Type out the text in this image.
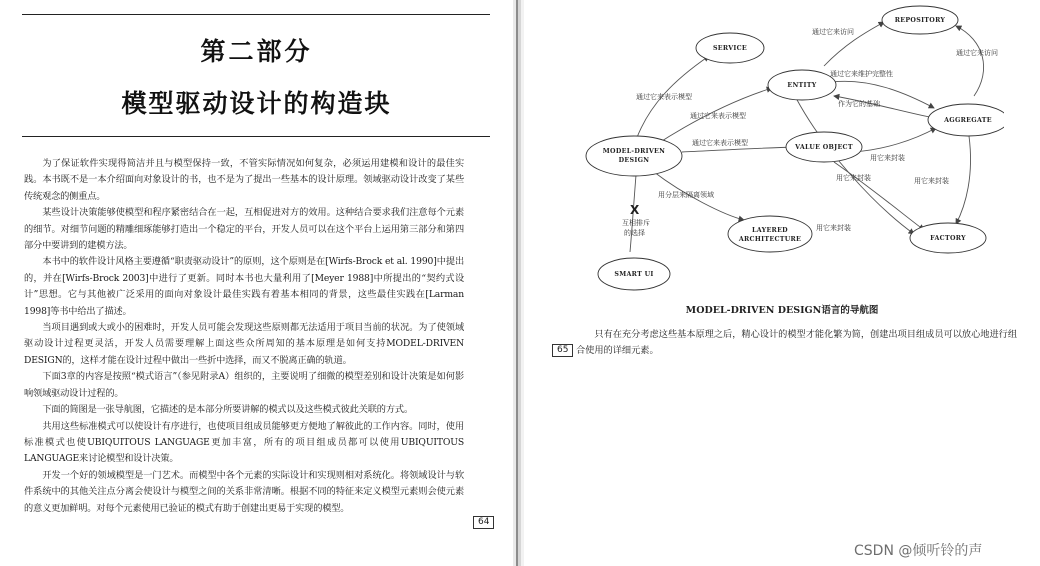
第二部分
模型驱动设计的构造块

为了保证软件实现得简洁并且与模型保持一致，不管实际情况如何复杂，必须运用建模和设计的最佳实践。本书既不是一本介绍面向对象设计的书，也不是为了提出一些基本的设计原理。领域驱动设计改变了某些传统观念的侧重点。

某些设计决策能够使模型和程序紧密结合在一起，互相促进对方的效用。这种结合要求我们注意每个元素的细节。对细节问题的精雕细琢能够打造出一个稳定的平台，开发人员可以在这个平台上运用第三部分和第四部分中要讲到的建模方法。

本书中的软件设计风格主要遵循“职责驱动设计”的原则，这个原则是在[Wirfs-Brock et al. 1990]中提出的，并在[Wirfs-Brock 2003]中进行了更新。同时本书也大量利用了[Meyer 1988]中所提出的“契约式设计”思想。它与其他被广泛采用的面向对象设计最佳实践有着基本相同的背景，这些最佳实践在[Larman 1998]等书中给出了描述。

当项目遇到或大或小的困难时，开发人员可能会发现这些原则都无法适用于项目当前的状况。为了使领域驱动设计过程更灵活，开发人员需要理解上面这些众所周知的基本原理是如何支持MODEL-DRIVEN DESIGN的，这样才能在设计过程中做出一些折中选择，而又不脱离正确的轨道。

下面3章的内容是按照“模式语言”（参见附录A）组织的，主要说明了细微的模型差别和设计决策是如何影响领域驱动设计过程的。

下面的简图是一张导航图，它描述的是本部分所要讲解的模式以及这些模式彼此关联的方式。

共用这些标准模式可以使设计有序进行，也使项目组成员能够更方便地了解彼此的工作内容。同时，使用标准模式也使UBIQUITOUS LANGUAGE更加丰富，所有的项目组成员都可以使用UBIQUITOUS LANGUAGE来讨论模型和设计决策。

开发一个好的领域模型是一门艺术。而模型中各个元素的实际设计和实现则相对系统化。将领域设计与软件系统中的其他关注点分离会使设计与模型之间的关系非常清晰。根据不同的特征来定义模型元素则会使元素的意义更加鲜明。对每个元素使用已验证的模式有助于创建出更易于实现的模型。

64
REPOSITORY
SERVICE
ENTITY
AGGREGATE
MODEL-DRIVEN
DESIGN
VALUE OBJECT
LAYERED
ARCHITECTURE	FACTORY
SMART UI
通过它来访问
通过它来访问
通过它来维护完整性
作为它的基础
通过它来表示模型
通过它来表示模型
通过它来表示模型
用它来封装
用它来封装	用它来封装
用它来封装
用分层来隔离领域
X
互相排斥
的选择
MODEL-DRIVEN DESIGN语言的导航图

只有在充分考虑这些基本原理之后，精心设计的模型才能化繁为简，创建出项目组成员可以放心地进行组合使用的详细元素。

65
CSDN @倾听铃的声
